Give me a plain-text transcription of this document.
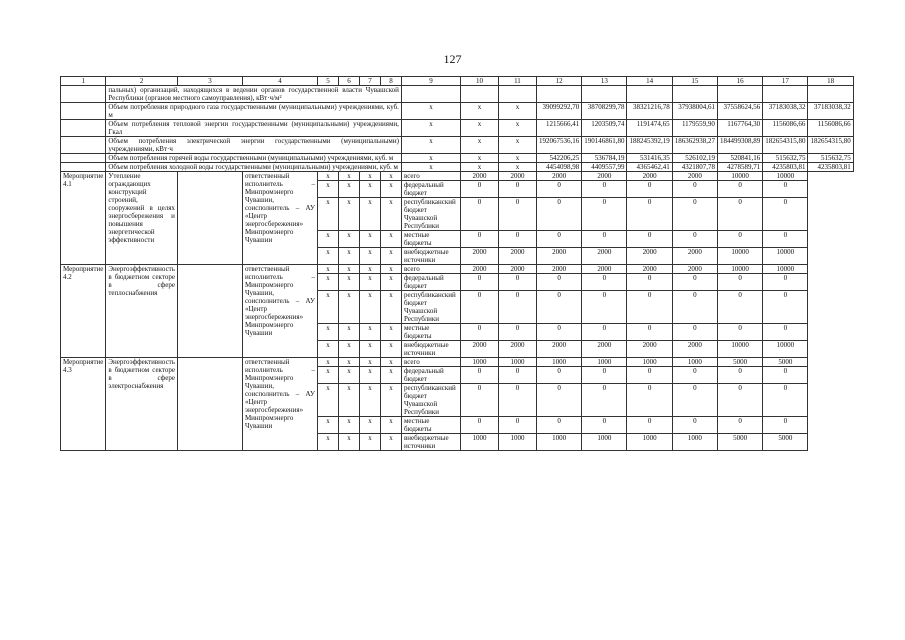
127
1	2	3	4	5	6	7	8	9	10	11	12	13	14	15	16	17	18
	пальных) организаций, находящихся в ведении органов государственной власти Чувашской Республики (органов местного самоуправления), кВт·ч/м²																
	Объем потребления природного газа государственными (муниципальными) учреждениями, куб. м							x	x	x	39099292,70	38708299,78	38321216,78	37938004,61	37558624,56	37183038,32	37183038,32
	Объем потребления тепловой энергии государственными (муниципальными) учреждениями, Гкал							x	x	x	1215666,41	1203509,74	1191474,65	1179559,90	1167764,30	1156086,66	1156086,66
	Объем потребления электрической энергии государственными (муниципальными) учреждениями, кВт·ч							x	x	x	192067536,16	190146861,80	188245392,19	186362938,27	184499308,89	182654315,80	182654315,80
	Объем потребления горячей воды государственными (муниципальными) учреждениями, куб. м							x	x	x	542206,25	536784,19	531416,35	526102,19	520841,16	515632,75	515632,75
	Объем потребления холодной воды государственными (муниципальными) учреждениями, куб. м							x	x	x	4454098,98	4409557,99	4365462,41	4321807,78	4278589,71	4235803,81	4235803,81
Мероприятие 4.1	Утепление ограждающих конструкций строений, сооружений в целях энергосбережения и повышения энергетической эффективности		ответственный исполнитель – Минпромэнерго Чувашии, соисполнитель – АУ «Центр энергосбережения» Минпромэнерго Чувашии	x	x	x	x	всего	2000	2000	2000	2000	2000	2000	10000	10000	
				x	x	x	x	федеральный бюджет	0	0	0	0	0	0	0	0	
				x	x	x	x	республиканский бюджет Чувашской Республики	0	0	0	0	0	0	0	0	
				x	x	x	x	местные бюджеты	0	0	0	0	0	0	0	0	
				x	x	x	x	внебюджетные источники	2000	2000	2000	2000	2000	2000	10000	10000	
Мероприятие 4.2	Энергоэффективность в бюджетном секторе в сфере теплоснабжения		ответственный исполнитель – Минпромэнерго Чувашии, соисполнитель – АУ «Центр энергосбережения» Минпромэнерго Чувашии	x	x	x	x	всего	2000	2000	2000	2000	2000	2000	10000	10000	
				x	x	x	x	федеральный бюджет	0	0	0	0	0	0	0	0	
				x	x	x	x	республиканский бюджет Чувашской Республики	0	0	0	0	0	0	0	0	
				x	x	x	x	местные бюджеты	0	0	0	0	0	0	0	0	
				x	x	x	x	внебюджетные источники	2000	2000	2000	2000	2000	2000	10000	10000	
Мероприятие 4.3	Энергоэффективность в бюджетном секторе в сфере электроснабжения		ответственный исполнитель – Минпромэнерго Чувашии, соисполнитель – АУ «Центр энергосбережения» Минпромэнерго Чувашии	x	x	x	x	всего	1000	1000	1000	1000	1000	1000	5000	5000	
				x	x	x	x	федеральный бюджет	0	0	0	0	0	0	0	0	
				x	x	x	x	республиканский бюджет Чувашской Республики	0	0	0	0	0	0	0	0	
				x	x	x	x	местные бюджеты	0	0	0	0	0	0	0	0	
				x	x	x	x	внебюджетные источники	1000	1000	1000	1000	1000	1000	5000	5000	
